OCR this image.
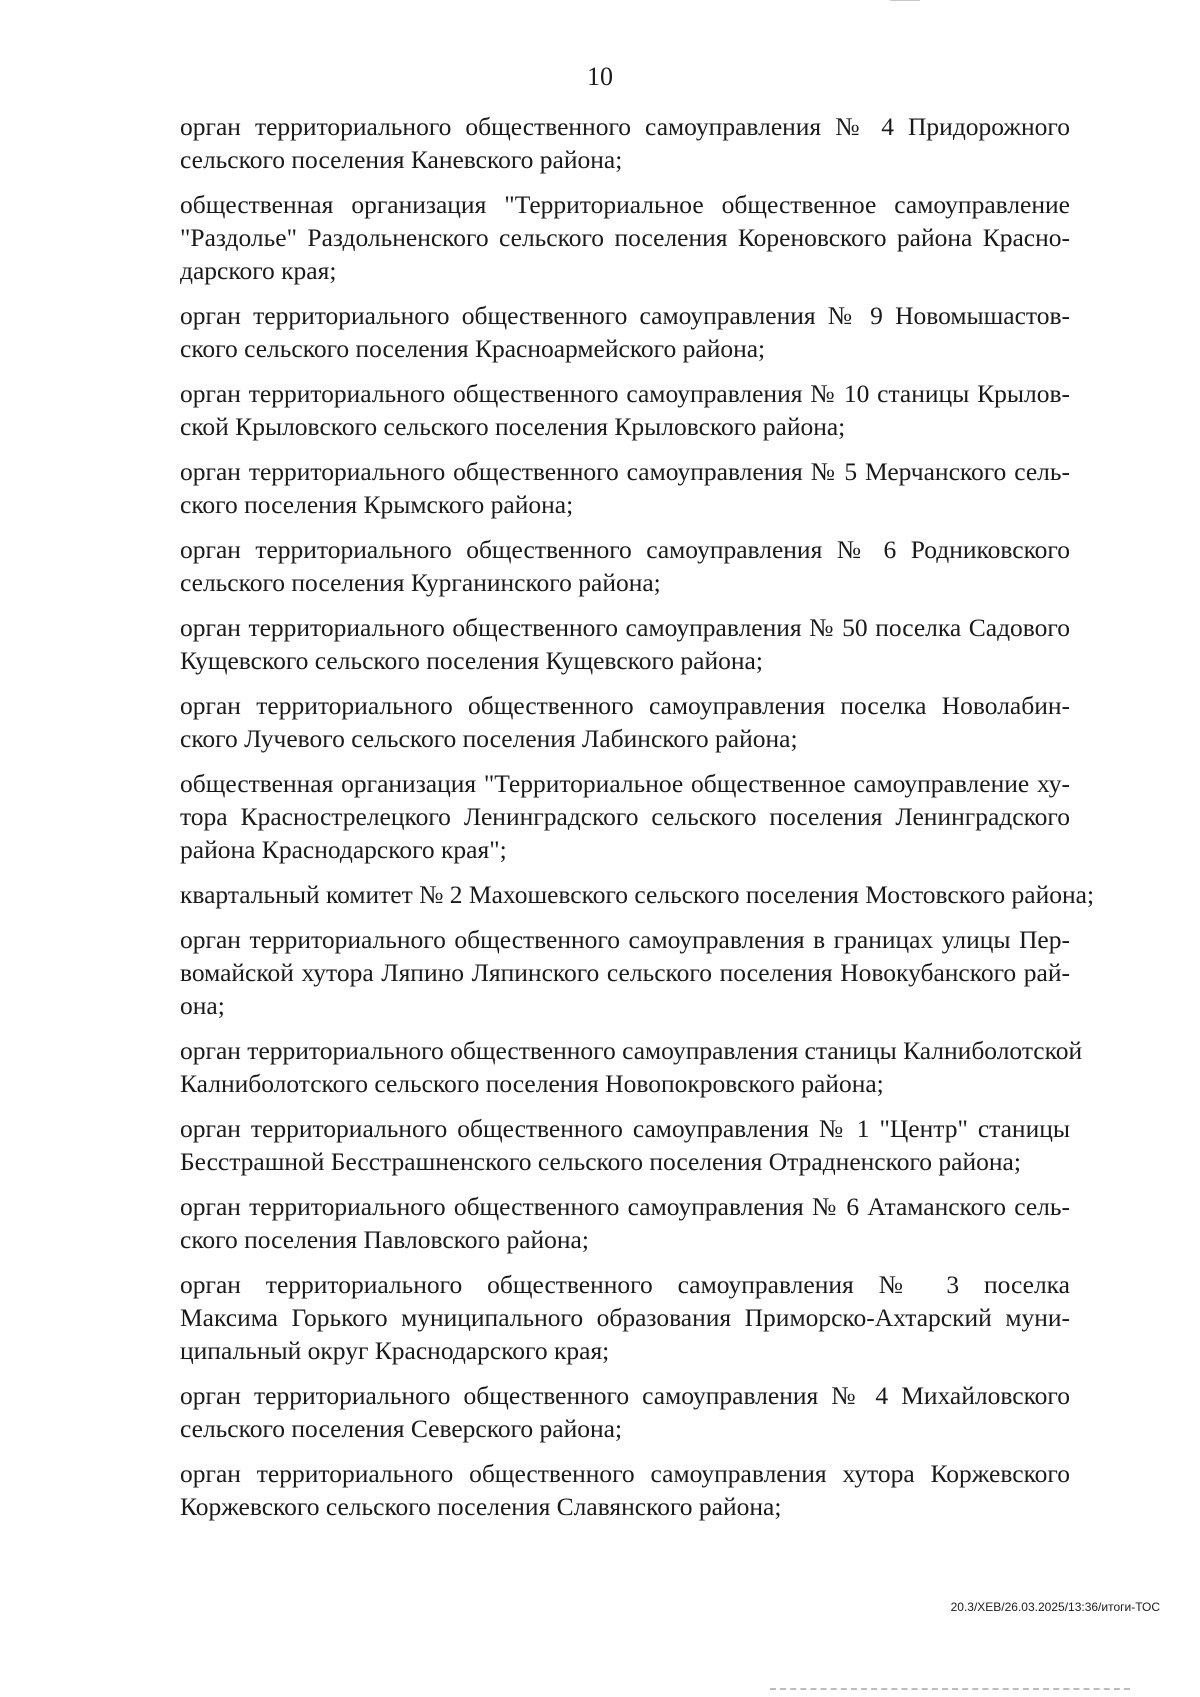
10
орган территориального общественного самоуправления № 4 Придорожного
сельского поселения Каневского района;
общественная организация "Территориальное общественное самоуправление
"Раздолье" Раздольненского сельского поселения Кореновского района Красно-
дарского края;
орган территориального общественного самоуправления № 9 Новомышастов-
ского сельского поселения Красноармейского района;
орган территориального общественного самоуправления № 10 станицы Крылов-
ской Крыловского сельского поселения Крыловского района;
орган территориального общественного самоуправления № 5 Мерчанского сель-
ского поселения Крымского района;
орган территориального общественного самоуправления № 6 Родниковского
сельского поселения Курганинского района;
орган территориального общественного самоуправления № 50 поселка Садового
Кущевского сельского поселения Кущевского района;
орган территориального общественного самоуправления поселка Новолабин-
ского Лучевого сельского поселения Лабинского района;
общественная организация "Территориальное общественное самоуправление ху-
тора Краснострелецкого Ленинградского сельского поселения Ленинградского
района Краснодарского края";
квартальный комитет № 2 Махошевского сельского поселения Мостовского района;
орган территориального общественного самоуправления в границах улицы Пер-
вомайской хутора Ляпино Ляпинского сельского поселения Новокубанского рай-
она;
орган территориального общественного самоуправления станицы Калниболотской
Калниболотского сельского поселения Новопокровского района;
орган территориального общественного самоуправления № 1 "Центр" станицы
Бесстрашной Бесстрашненского сельского поселения Отрадненского района;
орган территориального общественного самоуправления № 6 Атаманского сель-
ского поселения Павловского района;
орган территориального общественного самоуправления № 3 поселка
Максима Горького муниципального образования Приморско-Ахтарский муни-
ципальный округ Краснодарского края;
орган территориального общественного самоуправления № 4 Михайловского
сельского поселения Северского района;
орган территориального общественного самоуправления хутора Коржевского
Коржевского сельского поселения Славянского района;
20.3/ХЕВ/26.03.2025/13:36/итоги-ТОС
